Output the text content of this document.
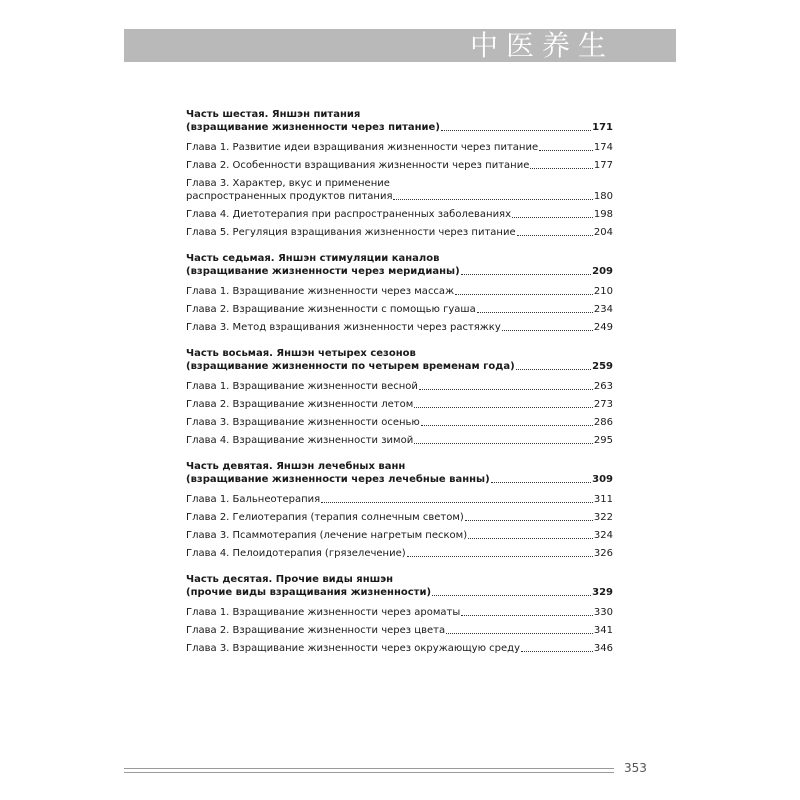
中医养生
Часть шестая. Яншэн питания
(взращивание жизненности через питание)	171
Глава 1. Развитие идеи взращивания жизненности через питание	174
Глава 2. Особенности взращивания жизненности через питание	177
Глава 3. Характер, вкус и применение
распространенных продуктов питания	180
Глава 4. Диетотерапия при распространенных заболеваниях	198
Глава 5. Регуляция взращивания жизненности через питание	204
Часть седьмая. Яншэн стимуляции каналов
(взращивание жизненности через меридианы)	209
Глава 1. Взращивание жизненности через массаж	210
Глава 2. Взращивание жизненности с помощью гуаша	234
Глава 3. Метод взращивания жизненности через растяжку	249
Часть восьмая. Яншэн четырех сезонов
(взращивание жизненности по четырем временам года)	259
Глава 1. Взращивание жизненности весной	263
Глава 2. Взращивание жизненности летом	273
Глава 3. Взращивание жизненности осенью	286
Глава 4. Взращивание жизненности зимой	295
Часть девятая. Яншэн лечебных ванн
(взращивание жизненности через лечебные ванны)	309
Глава 1. Бальнеотерапия	311
Глава 2. Гелиотерапия (терапия солнечным светом)	322
Глава 3. Псаммотерапия (лечение нагретым песком)	324
Глава 4. Пелоидотерапия (грязелечение)	326
Часть десятая. Прочие виды яншэн
(прочие виды взращивания жизненности)	329
Глава 1. Взращивание жизненности через ароматы	330
Глава 2. Взращивание жизненности через цвета	341
Глава 3. Взращивание жизненности через окружающую среду	346
353
